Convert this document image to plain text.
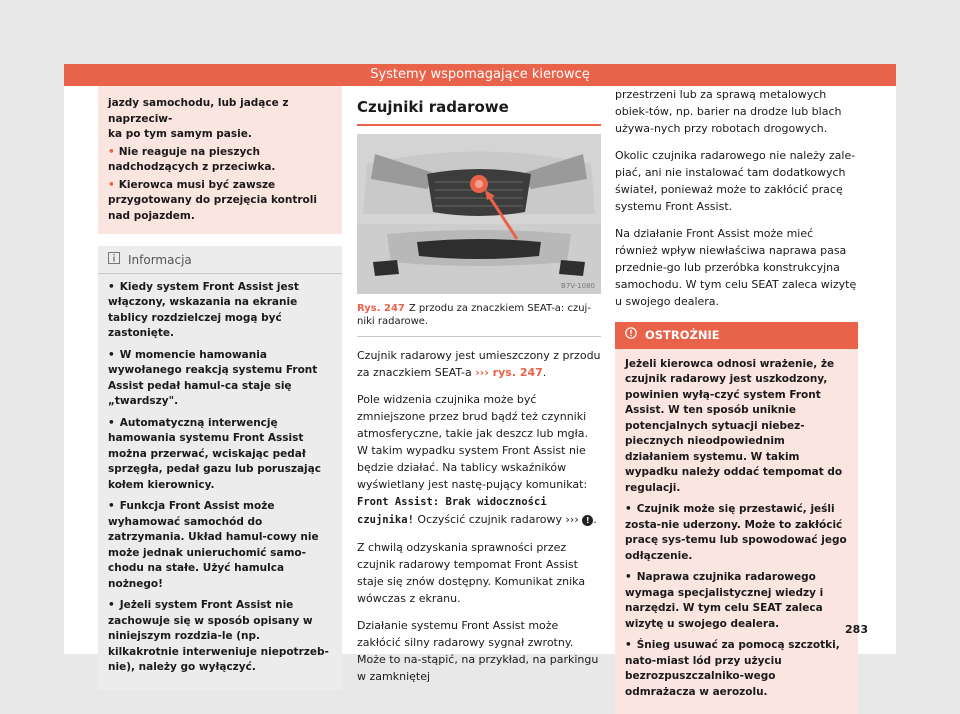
Systemy wspomagające kierowcę

jazdy samochodu, lub jadące z naprzeciw-

ka po tym samym pasie.

• Nie reaguje na pieszych nadchodzących z przeciwka.

• Kierowca musi być zawsze przygotowany do przejęcia kontroli nad pojazdem.

Informacja

• Kiedy system Front Assist jest włączony, wskazania na ekranie tablicy rozdzielczej mogą być zastonięte.

• W momencie hamowania wywołanego reakcją systemu Front Assist pedał hamul-ca staje się „twardszy".

• Automatyczną interwencję hamowania systemu Front Assist można przerwać, wciskając pedał sprzęgła, pedał gazu lub poruszając kołem kierownicy.

• Funkcja Front Assist może wyhamować samochód do zatrzymania. Układ hamul-cowy nie może jednak unieruchomić samo-chodu na stałe. Użyć hamulca nożnego!

• Jeżeli system Front Assist nie zachowuje się w sposób opisany w niniejszym rozdzia-le (np. kilkakrotnie interweniuje niepotrzeb-nie), należy go wyłączyć.

Czujniki radarowe
B7V-1080
Rys. 247 Z przodu za znaczkiem SEAT-a: czuj-niki radarowe.

Czujnik radarowy jest umieszczony z przodu za znaczkiem SEAT-a ››› rys. 247.

Pole widzenia czujnika może być zmniejszone przez brud bądź też czynniki atmosferyczne, takie jak deszcz lub mgła. W takim wypadku system Front Assist nie będzie działać. Na tablicy wskaźników wyświetlany jest nastę-pujący komunikat: Front Assist: Brak widoczności czujnika! Oczyścić czujnik radarowy ››› ! .

Z chwilą odzyskania sprawności przez czujnik radarowy tempomat Front Assist staje się znów dostępny. Komunikat znika wówczas z ekranu.

Działanie systemu Front Assist może zakłócić silny radarowy sygnał zwrotny. Może to na-stąpić, na przykład, na parkingu w zamkniętej

przestrzeni lub za sprawą metalowych obiek-tów, np. barier na drodze lub blach używa-nych przy robotach drogowych.

Okolic czujnika radarowego nie należy zale-piać, ani nie instalować tam dodatkowych świateł, ponieważ może to zakłócić pracę systemu Front Assist.

Na działanie Front Assist może mieć również wpływ niewłaściwa naprawa pasa przednie-go lub przeróbka konstrukcyjna samochodu. W tym celu SEAT zaleca wizytę u swojego dealera.

OSTROŻNIE

Jeżeli kierowca odnosi wrażenie, że czujnik radarowy jest uszkodzony, powinien wyłą-czyć system Front Assist. W ten sposób uniknie potencjalnych sytuacji niebez-piecznych nieodpowiednim działaniem systemu. W takim wypadku należy oddać tempomat do regulacji.

• Czujnik może się przestawić, jeśli zosta-nie uderzony. Może to zakłócić pracę sys-temu lub spowodować jego odłączenie.

• Naprawa czujnika radarowego wymaga specjalistycznej wiedzy i narzędzi. W tym celu SEAT zaleca wizytę u swojego dealera.

• Śnieg usuwać za pomocą szczotki, nato-miast lód przy użyciu bezrozpuszczalniko-wego odmrażacza w aerozolu.

283
